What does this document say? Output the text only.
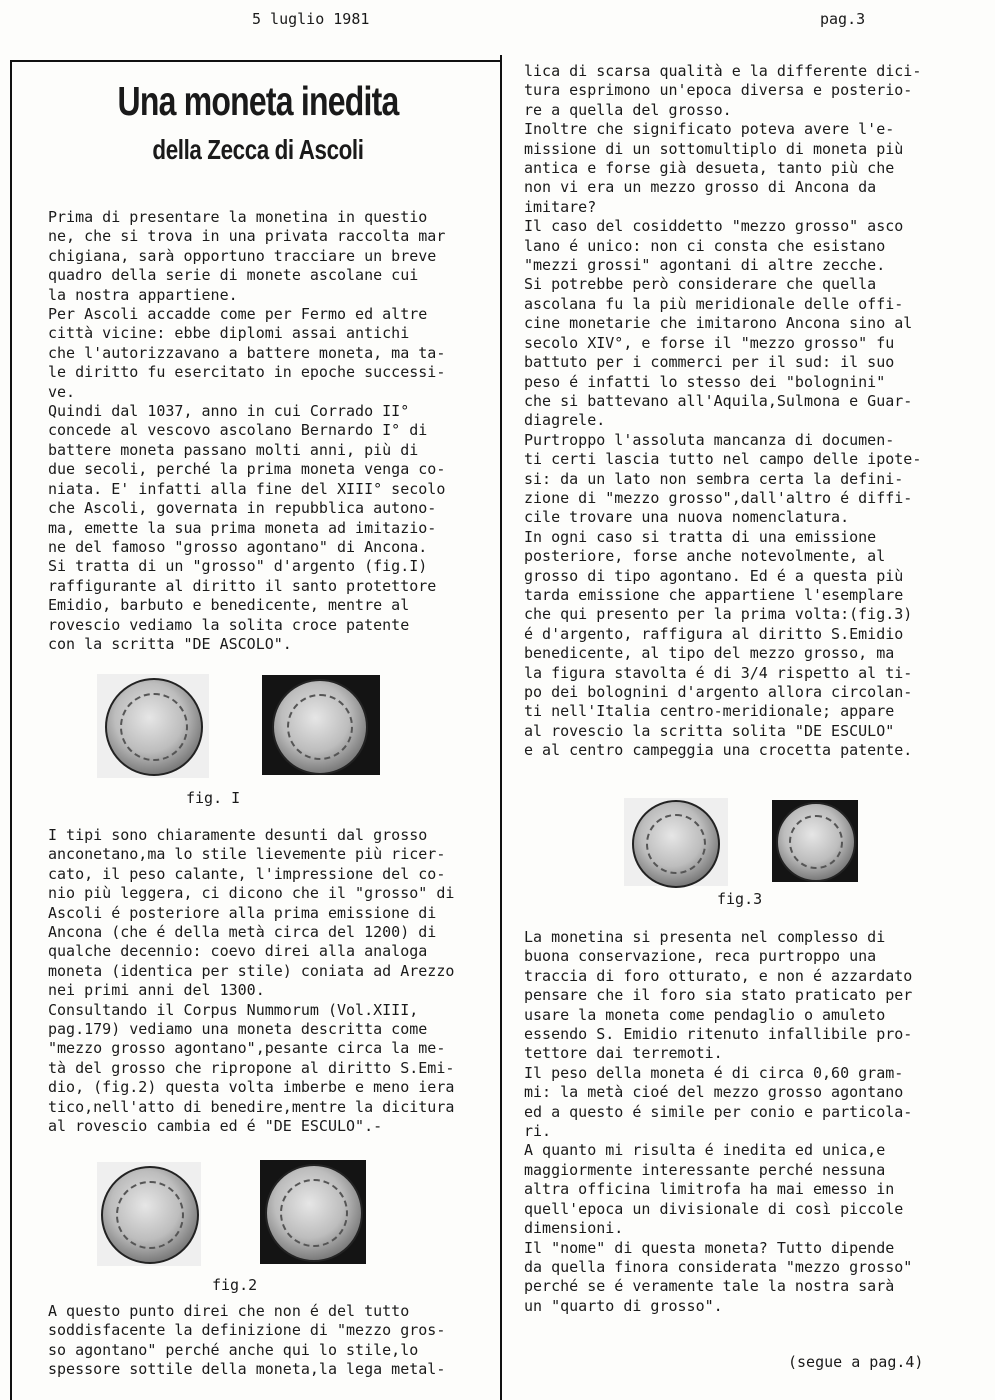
5 luglio 1981	pag.3
Una moneta inedita
della Zecca di Ascoli

Prima di presentare la monetina in questio

ne, che si trova in una privata raccolta mar

chigiana, sarà opportuno tracciare un breve

quadro della serie di monete ascolane cui

la nostra appartiene.

Per Ascoli accadde come per Fermo ed altre

città vicine: ebbe diplomi assai antichi

che l'autorizzavano a battere moneta, ma ta-

le diritto fu esercitato in epoche successi-

ve.

Quindi dal 1037, anno in cui Corrado II°

concede al vescovo ascolano Bernardo I° di

battere moneta passano molti anni, più di

due secoli, perché la prima moneta venga co-

niata. E' infatti alla fine del XIII° secolo

che Ascoli, governata in repubblica autono-

ma, emette la sua prima moneta ad imitazio-

ne del famoso "grosso agontano" di Ancona.

Si tratta di un "grosso" d'argento (fig.I)

raffigurante al diritto il santo protettore

Emidio, barbuto e benedicente, mentre al

rovescio vediamo la solita croce patente

con la scritta "DE ASCOLO".

fig. I

I tipi sono chiaramente desunti dal grosso

anconetano,ma lo stile lievemente più ricer-

cato, il peso calante, l'impressione del co-

nio più leggera, ci dicono che il "grosso" di

Ascoli é posteriore alla prima emissione di

Ancona (che é della metà circa del 1200) di

qualche decennio: coevo direi alla analoga

moneta (identica per stile) coniata ad Arezzo

nei primi anni del 1300.

Consultando il Corpus Nummorum (Vol.XIII,

pag.179) vediamo una moneta descritta come

"mezzo grosso agontano",pesante circa la me-

tà del grosso che ripropone al diritto S.Emi-

dio, (fig.2) questa volta imberbe e meno iera

tico,nell'atto di benedire,mentre la dicitura

al rovescio cambia ed é "DE ESCULO".-

fig.2

A questo punto direi che non é del tutto

soddisfacente la definizione di "mezzo gros-

so agontano" perché anche qui lo stile,lo

spessore sottile della moneta,la lega metal-

lica di scarsa qualità e la differente dici-

tura esprimono un'epoca diversa e posterio-

re a quella del grosso.

Inoltre che significato poteva avere l'e-

missione di un sottomultiplo di moneta più

antica e forse già desueta, tanto più che

non vi era un mezzo grosso di Ancona da

imitare?

Il caso del cosiddetto "mezzo grosso" asco

lano é unico: non ci consta che esistano

"mezzi grossi" agontani di altre zecche.

Si potrebbe però considerare che quella

ascolana fu la più meridionale delle offi-

cine monetarie che imitarono Ancona sino al

secolo XIV°, e forse il "mezzo grosso" fu

battuto per i commerci per il sud: il suo

peso é infatti lo stesso dei "bolognini"

che si battevano all'Aquila,Sulmona e Guar-

diagrele.

Purtroppo l'assoluta mancanza di documen-

ti certi lascia tutto nel campo delle ipote-

si: da un lato non sembra certa la defini-

zione di "mezzo grosso",dall'altro é diffi-

cile trovare una nuova nomenclatura.

In ogni caso si tratta di una emissione

posteriore, forse anche notevolmente, al

grosso di tipo agontano. Ed é a questa più

tarda emissione che appartiene l'esemplare

che qui presento per la prima volta:(fig.3)

é d'argento, raffigura al diritto S.Emidio

benedicente, al tipo del mezzo grosso, ma

la figura stavolta é di 3/4 rispetto al ti-

po dei bolognini d'argento allora circolan-

ti nell'Italia centro-meridionale; appare

al rovescio la scritta solita "DE ESCULO"

e al centro campeggia una crocetta patente.

fig.3

La monetina si presenta nel complesso di

buona conservazione, reca purtroppo una

traccia di foro otturato, e non é azzardato

pensare che il foro sia stato praticato per

usare la moneta come pendaglio o amuleto

essendo S. Emidio ritenuto infallibile pro-

tettore dai terremoti.

Il peso della moneta é di circa 0,60 gram-

mi: la metà cioé del mezzo grosso agontano

ed a questo é simile per conio e particola-

ri.

A quanto mi risulta é inedita ed unica,e

maggiormente interessante perché nessuna

altra officina limitrofa ha mai emesso in

quell'epoca un divisionale di così piccole

dimensioni.

Il "nome" di questa moneta? Tutto dipende

da quella finora considerata "mezzo grosso"

perché se é veramente tale la nostra sarà

un "quarto di grosso".

(segue a pag.4)
